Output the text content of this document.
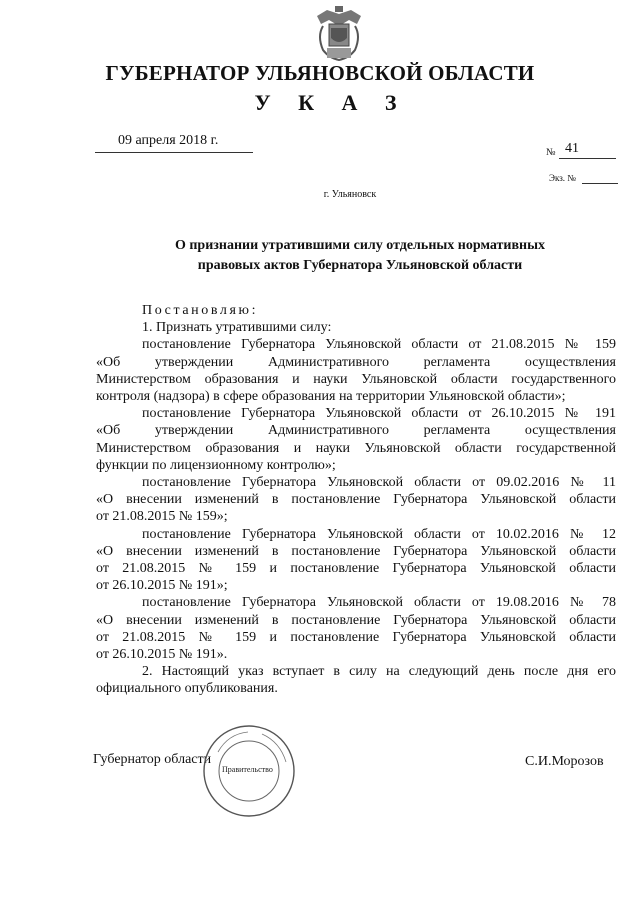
ГУБЕРНАТОР УЛЬЯНОВСКОЙ ОБЛАСТИ
У К А З
09 апреля 2018 г.
№ 41
Экз. №
г. Ульяновск
О признании утратившими силу отдельных нормативных
правовых актов Губернатора Ульяновской области

Постановляю:

1. Признать утратившими силу:

постановление Губернатора Ульяновской области от 21.08.2015 № 159

«Об утверждении Административного регламента осуществления

Министерством образования и науки Ульяновской области государственного

контроля (надзора) в сфере образования на территории Ульяновской области»;

постановление Губернатора Ульяновской области от 26.10.2015 № 191

«Об утверждении Административного регламента осуществления

Министерством образования и науки Ульяновской области государственной

функции по лицензионному контролю»;

постановление Губернатора Ульяновской области от 09.02.2016 № 11

«О внесении изменений в постановление Губернатора Ульяновской области

от 21.08.2015 № 159»;

постановление Губернатора Ульяновской области от 10.02.2016 № 12

«О внесении изменений в постановление Губернатора Ульяновской области

от 21.08.2015 № 159 и постановление Губернатора Ульяновской области

от 26.10.2015 № 191»;

постановление Губернатора Ульяновской области от 19.08.2016 № 78

«О внесении изменений в постановление Губернатора Ульяновской области

от 21.08.2015 № 159 и постановление Губернатора Ульяновской области

от 26.10.2015 № 191».

2. Настоящий указ вступает в силу на следующий день после дня его

официального опубликования.

Губернатор области
Правительство
С.И.Морозов
